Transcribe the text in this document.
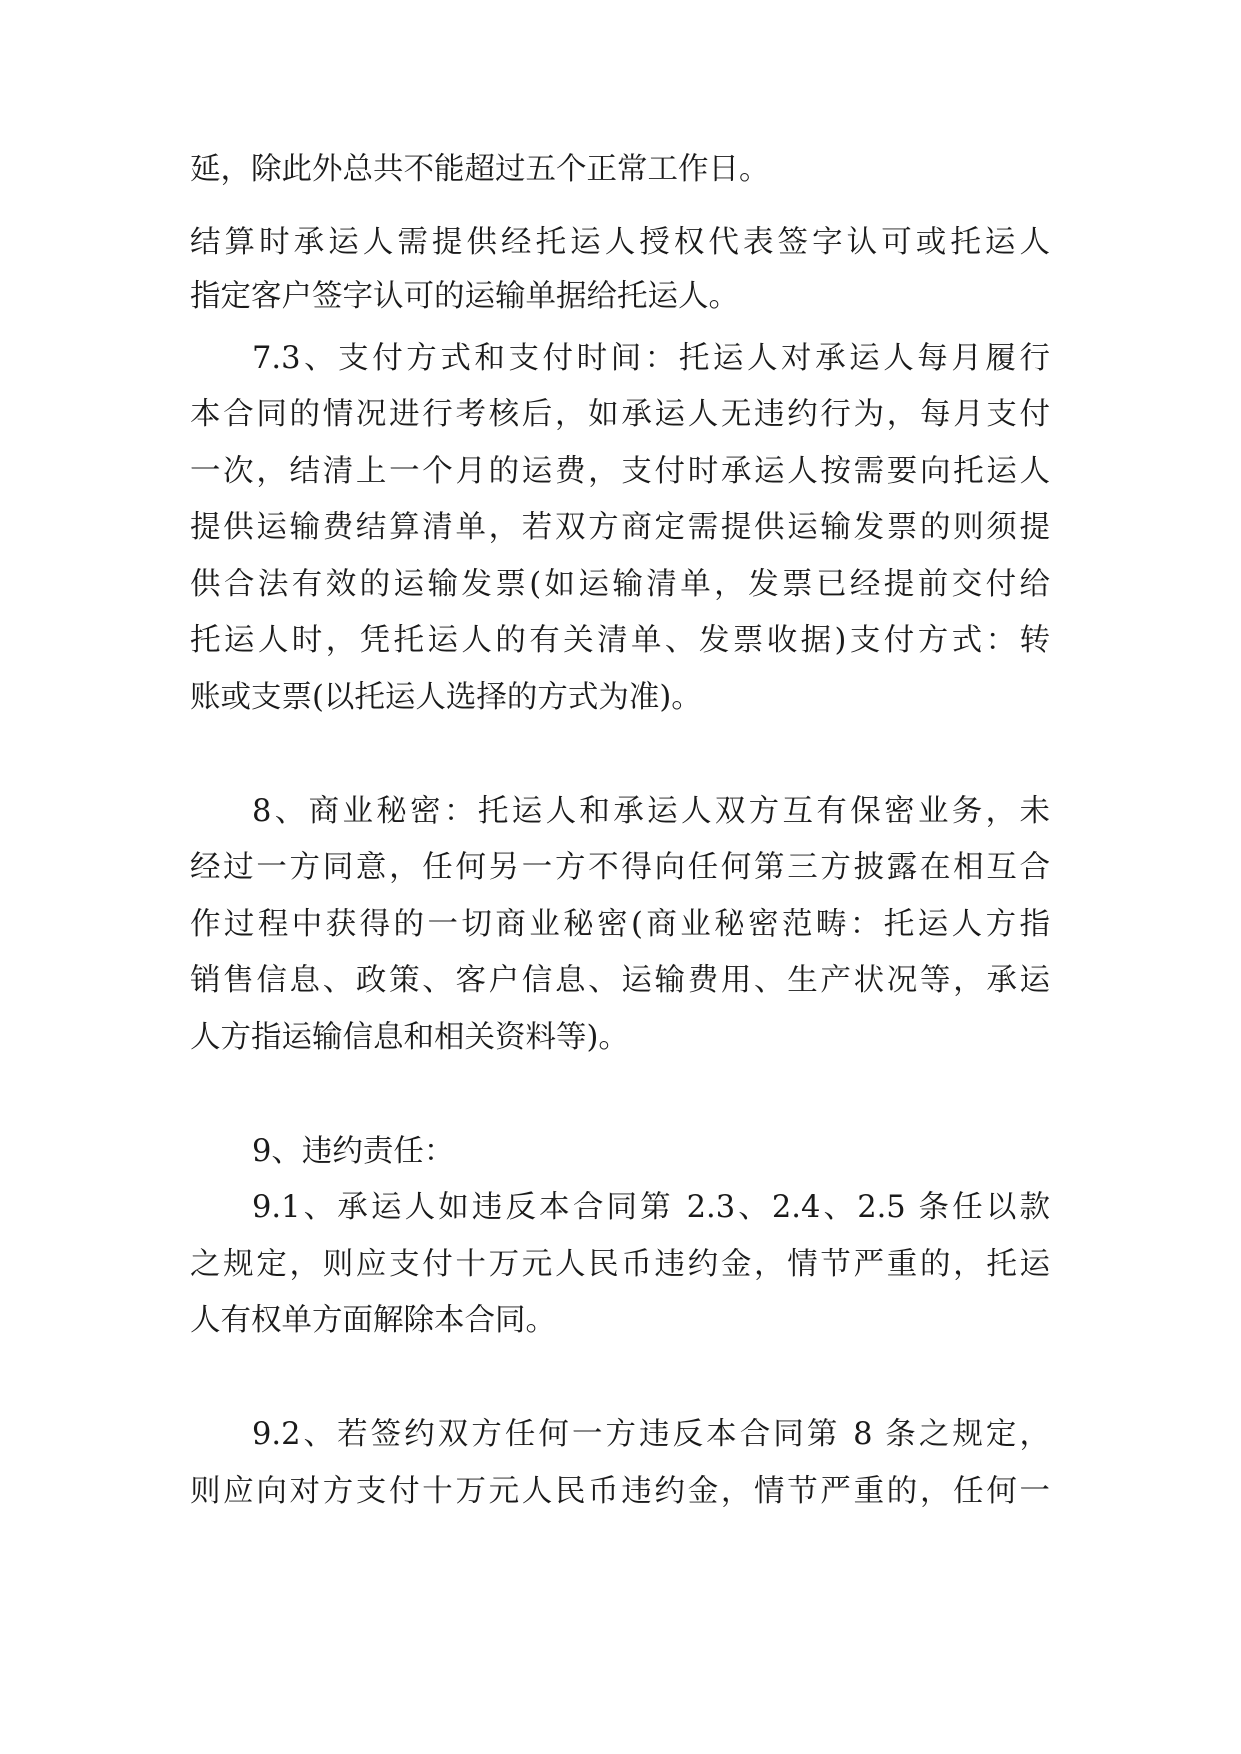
延，除此外总共不能超过五个正常工作日。
结算时承运人需提供经托运人授权代表签字认可或托运人
指定客户签字认可的运输单据给托运人。
7.3、支付方式和支付时间：托运人对承运人每月履行
本合同的情况进行考核后，如承运人无违约行为，每月支付
一次，结清上一个月的运费，支付时承运人按需要向托运人
提供运输费结算清单，若双方商定需提供运输发票的则须提
供合法有效的运输发票(如运输清单，发票已经提前交付给
托运人时，凭托运人的有关清单、发票收据)支付方式：转
账或支票(以托运人选择的方式为准)。
8、商业秘密：托运人和承运人双方互有保密业务，未
经过一方同意，任何另一方不得向任何第三方披露在相互合
作过程中获得的一切商业秘密(商业秘密范畴：托运人方指
销售信息、政策、客户信息、运输费用、生产状况等，承运
人方指运输信息和相关资料等)。
9、违约责任：
9.1、承运人如违反本合同第 2.3、2.4、2.5 条任以款
之规定，则应支付十万元人民币违约金，情节严重的，托运
人有权单方面解除本合同。
9.2、若签约双方任何一方违反本合同第 8 条之规定，
则应向对方支付十万元人民币违约金，情节严重的，任何一
